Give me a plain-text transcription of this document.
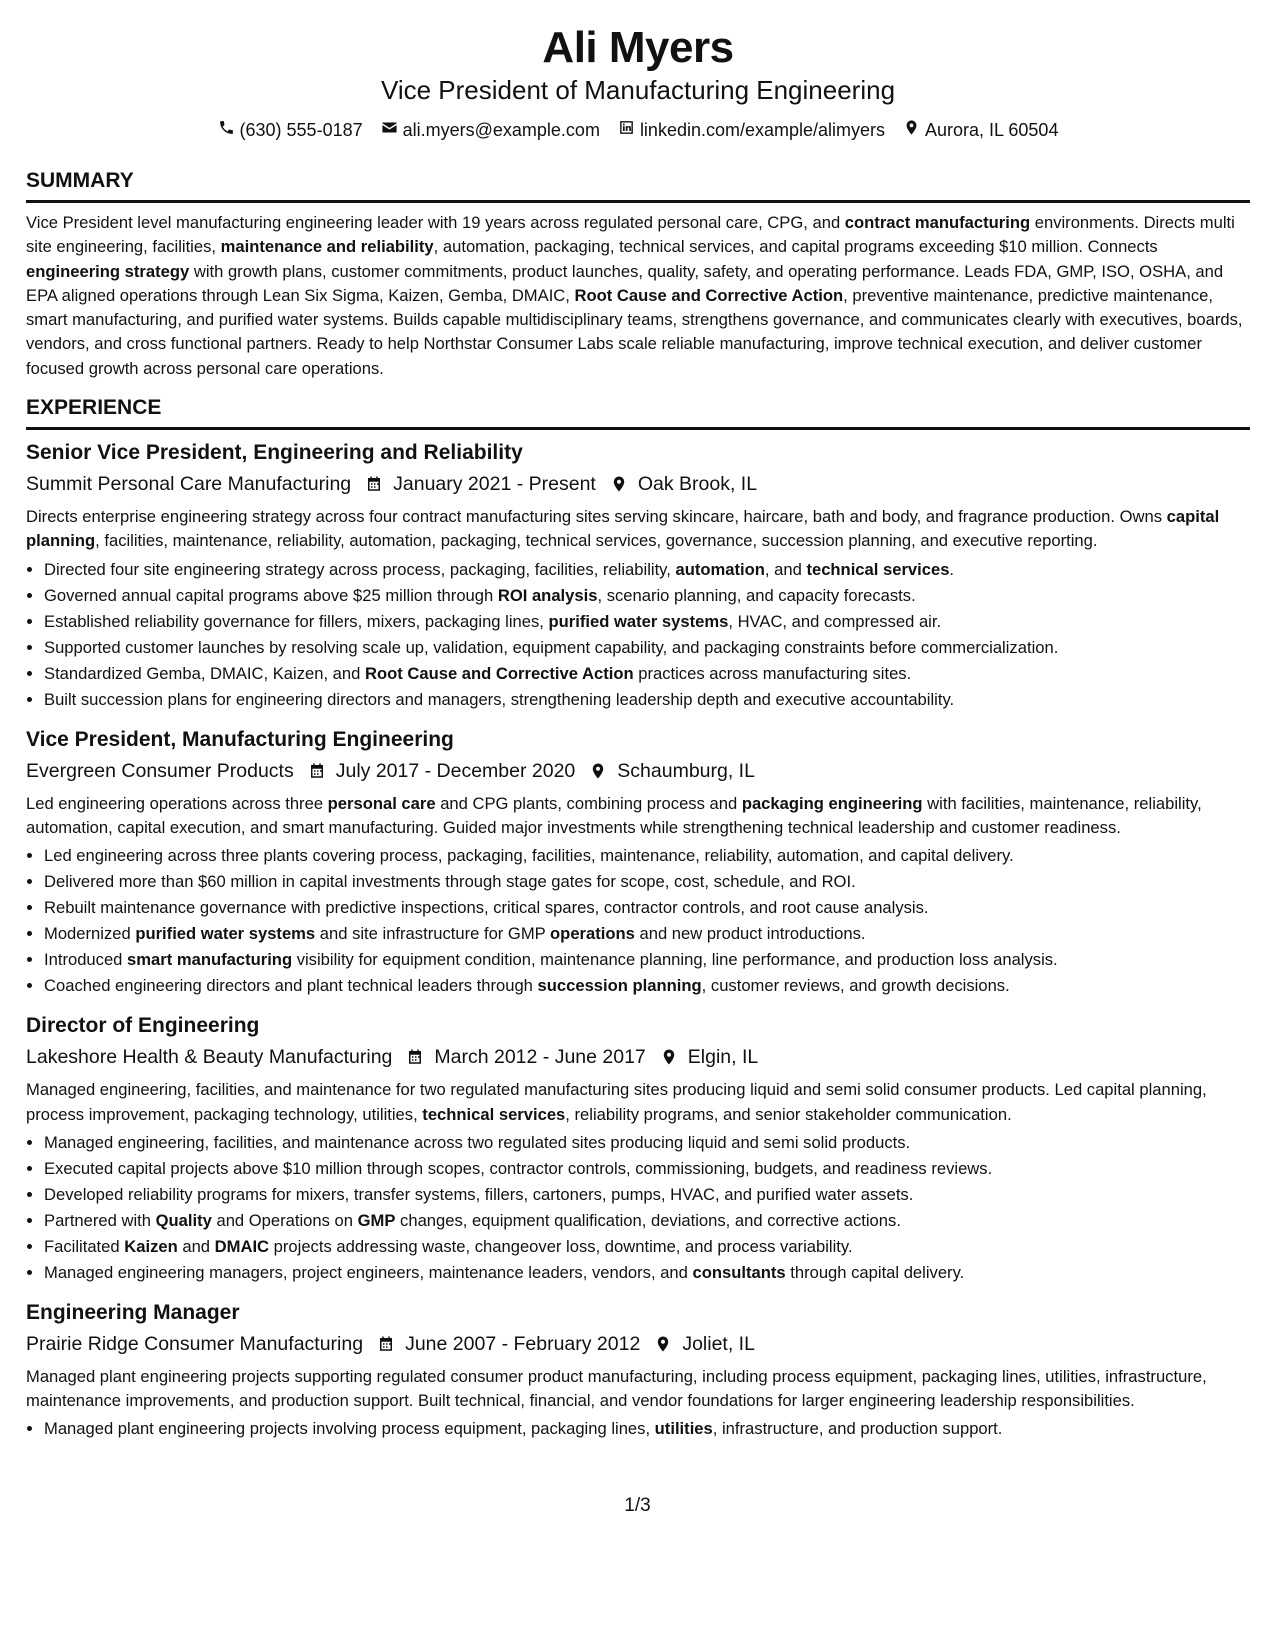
Ali Myers
Vice President of Manufacturing Engineering
(630) 555-0187 ali.myers@example.com linkedin.com/example/alimyers Aurora, IL 60504
SUMMARY

Vice President level manufacturing engineering leader with 19 years across regulated personal care, CPG, and contract manufacturing environments. Directs multi site engineering, facilities, maintenance and reliability, automation, packaging, technical services, and capital programs exceeding $10 million. Connects engineering strategy with growth plans, customer commitments, product launches, quality, safety, and operating performance. Leads FDA, GMP, ISO, OSHA, and EPA aligned operations through Lean Six Sigma, Kaizen, Gemba, DMAIC, Root Cause and Corrective Action, preventive maintenance, predictive maintenance, smart manufacturing, and purified water systems. Builds capable multidisciplinary teams, strengthens governance, and communicates clearly with executives, boards, vendors, and cross functional partners. Ready to help Northstar Consumer Labs scale reliable manufacturing, improve technical execution, and deliver customer focused growth across personal care operations.

EXPERIENCE
Senior Vice President, Engineering and Reliability
Summit Personal Care Manufacturing January 2021 - Present Oak Brook, IL

Directs enterprise engineering strategy across four contract manufacturing sites serving skincare, haircare, bath and body, and fragrance production. Owns capital planning, facilities, maintenance, reliability, automation, packaging, technical services, governance, succession planning, and executive reporting.

• Directed four site engineering strategy across process, packaging, facilities, reliability, automation, and technical services.
• Governed annual capital programs above $25 million through ROI analysis, scenario planning, and capacity forecasts.
• Established reliability governance for fillers, mixers, packaging lines, purified water systems, HVAC, and compressed air.
• Supported customer launches by resolving scale up, validation, equipment capability, and packaging constraints before commercialization.
• Standardized Gemba, DMAIC, Kaizen, and Root Cause and Corrective Action practices across manufacturing sites.
• Built succession plans for engineering directors and managers, strengthening leadership depth and executive accountability.
Vice President, Manufacturing Engineering
Evergreen Consumer Products July 2017 - December 2020 Schaumburg, IL

Led engineering operations across three personal care and CPG plants, combining process and packaging engineering with facilities, maintenance, reliability, automation, capital execution, and smart manufacturing. Guided major investments while strengthening technical leadership and customer readiness.

• Led engineering across three plants covering process, packaging, facilities, maintenance, reliability, automation, and capital delivery.
• Delivered more than $60 million in capital investments through stage gates for scope, cost, schedule, and ROI.
• Rebuilt maintenance governance with predictive inspections, critical spares, contractor controls, and root cause analysis.
• Modernized purified water systems and site infrastructure for GMP operations and new product introductions.
• Introduced smart manufacturing visibility for equipment condition, maintenance planning, line performance, and production loss analysis.
• Coached engineering directors and plant technical leaders through succession planning, customer reviews, and growth decisions.
Director of Engineering
Lakeshore Health & Beauty Manufacturing March 2012 - June 2017 Elgin, IL

Managed engineering, facilities, and maintenance for two regulated manufacturing sites producing liquid and semi solid consumer products. Led capital planning, process improvement, packaging technology, utilities, technical services, reliability programs, and senior stakeholder communication.

• Managed engineering, facilities, and maintenance across two regulated sites producing liquid and semi solid products.
• Executed capital projects above $10 million through scopes, contractor controls, commissioning, budgets, and readiness reviews.
• Developed reliability programs for mixers, transfer systems, fillers, cartoners, pumps, HVAC, and purified water assets.
• Partnered with Quality and Operations on GMP changes, equipment qualification, deviations, and corrective actions.
• Facilitated Kaizen and DMAIC projects addressing waste, changeover loss, downtime, and process variability.
• Managed engineering managers, project engineers, maintenance leaders, vendors, and consultants through capital delivery.
Engineering Manager
Prairie Ridge Consumer Manufacturing June 2007 - February 2012 Joliet, IL

Managed plant engineering projects supporting regulated consumer product manufacturing, including process equipment, packaging lines, utilities, infrastructure, maintenance improvements, and production support. Built technical, financial, and vendor foundations for larger engineering leadership responsibilities.

• Managed plant engineering projects involving process equipment, packaging lines, utilities, infrastructure, and production support.
1/3
